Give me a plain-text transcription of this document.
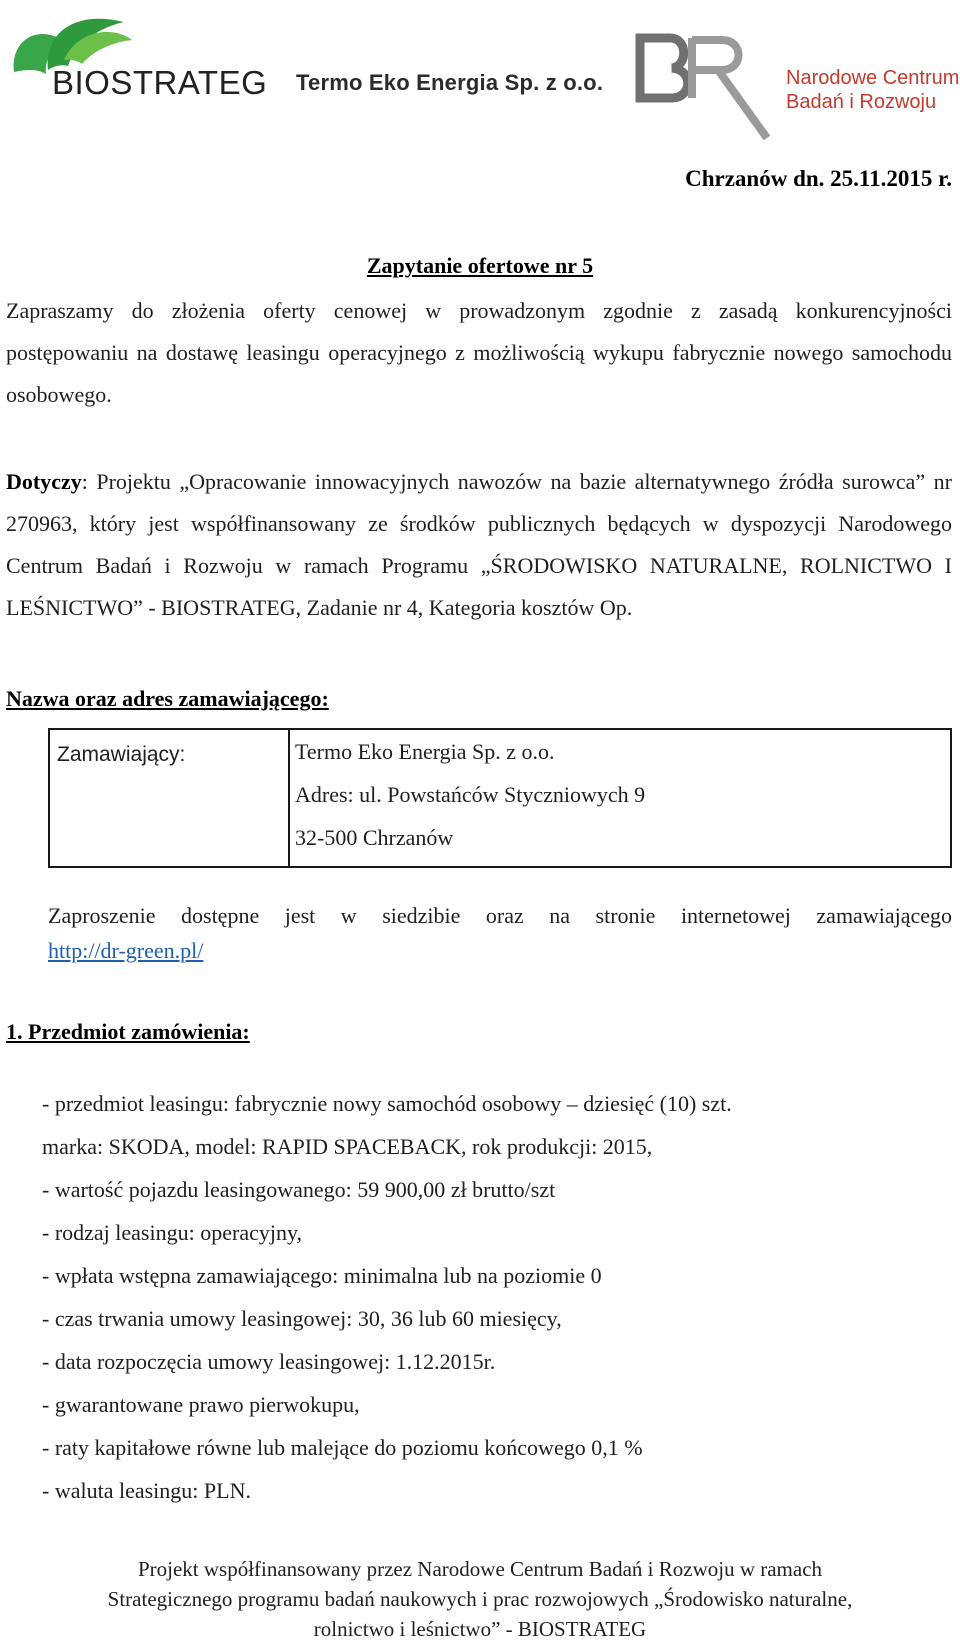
BIOSTRATEG Termo Eko Energia Sp. z o.o.	Narodowe Centrum
Badań i Rozwoju
Chrzanów dn. 25.11.2015 r.
Zapytanie ofertowe nr 5
Zapraszamy do złożenia oferty cenowej w prowadzonym zgodnie z zasadą konkurencyjności postępowaniu na dostawę leasingu operacyjnego z możliwością wykupu fabrycznie nowego samochodu osobowego.
Dotyczy: Projektu „Opracowanie innowacyjnych nawozów na bazie alternatywnego źródła surowca” nr 270963, który jest współfinansowany ze środków publicznych będących w dyspozycji Narodowego Centrum Badań i Rozwoju w ramach Programu „ŚRODOWISKO NATURALNE, ROLNICTWO I LEŚNICTWO” - BIOSTRATEG, Zadanie nr 4, Kategoria kosztów Op.
Nazwa oraz adres zamawiającego:
Zamawiający:	Termo Eko Energia Sp. z o.o.
Adres: ul. Powstańców Styczniowych 9
32-500 Chrzanów
Zaproszenie dostępne jest w siedzibie oraz na stronie internetowej zamawiającego
http://dr-green.pl/
1. Przedmiot zamówienia:
- przedmiot leasingu: fabrycznie nowy samochód osobowy – dziesięć (10) szt.
marka: SKODA, model: RAPID SPACEBACK, rok produkcji: 2015,
- wartość pojazdu leasingowanego: 59 900,00 zł brutto/szt
- rodzaj leasingu: operacyjny,
- wpłata wstępna zamawiającego: minimalna lub na poziomie 0
- czas trwania umowy leasingowej: 30, 36 lub 60 miesięcy,
- data rozpoczęcia umowy leasingowej: 1.12.2015r.
- gwarantowane prawo pierwokupu,
- raty kapitałowe równe lub malejące do poziomu końcowego 0,1 %
- waluta leasingu: PLN.
Projekt współfinansowany przez Narodowe Centrum Badań i Rozwoju w ramach
Strategicznego programu badań naukowych i prac rozwojowych „Środowisko naturalne,
rolnictwo i leśnictwo” - BIOSTRATEG
